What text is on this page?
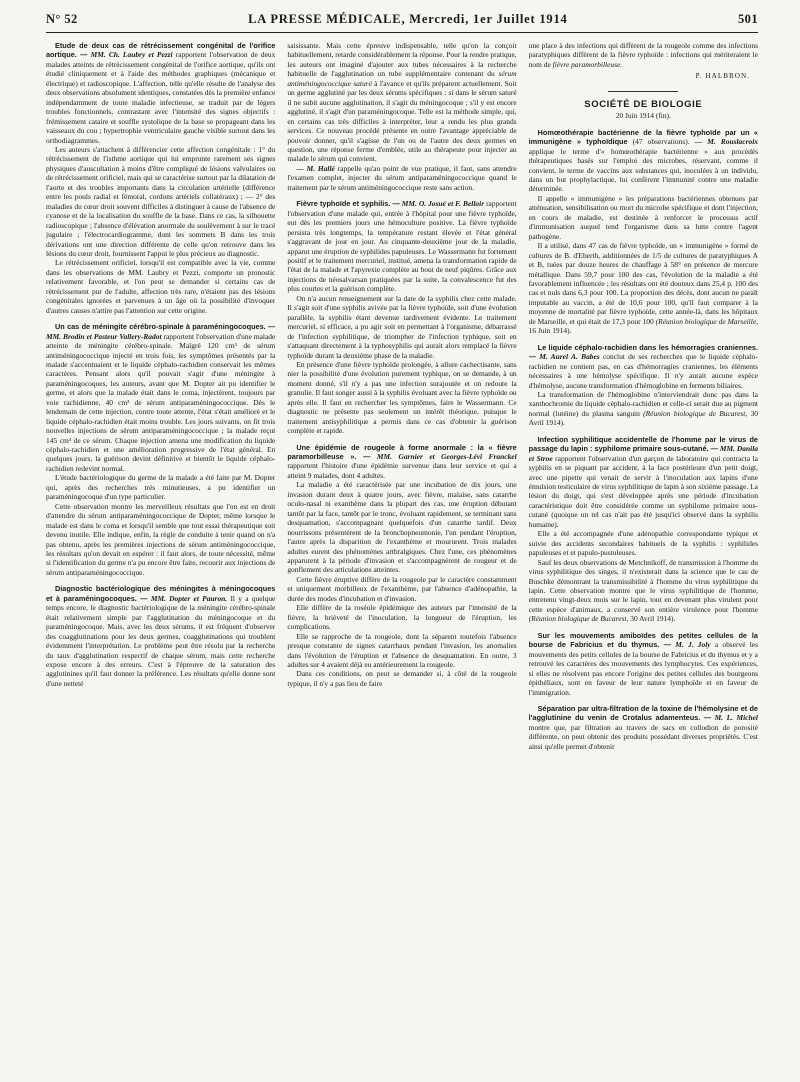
N° 52	LA PRESSE MÉDICALE, Mercredi, 1er Juillet 1914	501

Etude de deux cas de rétrécissement congénital de l'orifice aortique. — MM. Ch. Laubry et Pezzi rapportent l'observation de deux malades atteints de rétrécissement congénital de l'orifice aortique, qu'ils ont étudié cliniquement et à l'aide des méthodes graphiques (mécanique et électrique) et radioscopique. L'affection, telle qu'elle résulte de l'analyse des deux observations absolument identiques, constatées dès la première enfance indépendamment de toute maladie infectieuse, se traduit par de légers troubles fonctionnels, contrastant avec l'intensité des signes objectifs : frémissement cataire et souffle systolique de la base se propageant dans les vaisseaux du cou ; hypertrophie ventriculaire gauche visible surtout dans les orthodiagrammes.

Les auteurs s'attachent à différencier cette affection congénitale : 1° du rétrécissement de l'isthme aortique qui lui emprunte rarement ses signes physiques d'auscultation à moins d'être compliqué de lésions valvulaires ou de rétrécissement orificiel, mais qui se caractérise surtout par la dilatation de l'aorte et des troubles importants dans la circulation artérielle (différence entre les pouls radial et fémoral, cordons artériels collatéraux) ; — 2° des maladies du cœur droit souvent difficiles à distinguer à cause de l'absence de cyanose et de la localisation du souffle de la base. Dans ce cas, la silhouette radioscopique ; l'absence d'élévation anormale du soulèvement à sur le tracé jugulaire ; l'électrocardiogramme, dont les sommets B dans les trois dérivations ont une direction différente de celle qu'on retrouve dans les lésions du cœur droit, fournissent l'appui le plus précieux au diagnostic.

Le rétrécissement orificiel, lorsqu'il est compatible avec la vie, comme dans les observations de MM. Laubry et Pezzi, comporte un pronostic relativement favorable, et l'on peut se demander si certains cas de rétrécissement pur de l'adulte, affection très rare, n'étaient pas des lésions congénitales ignorées et parvenues à un âge où la possibilité d'invoquer d'autres causes n'attire pas l'attention sur cette origine.

Un cas de méningite cérébro-spinale à paraméningocoques. — MM. Brodin et Pasteur Vallery-Radot rapportent l'observation d'une malade atteinte de méningite cérébro-spinale. Malgré 120 cm³ de sérum antiméningococcique injecté en trois fois, les symptômes présentés par la malade s'accentuaient et le liquide céphalo-rachidien conservait les mêmes caractères. Pensant alors qu'il pouvait s'agir d'une méningite à paraméningocoques, les auteurs, avant que M. Dopter ait pu identifier le germe, et alors que la malade était dans le coma, injectèrent, toujours par voie rachidienne, 40 cm³ de sérum antiparaméningococcique. Dès le lendemain de cette injection, contre toute attente, l'état s'était amélioré et le liquide céphalo-rachidien était moins trouble. Les jours suivants, on fit trois nouvelles injections de sérum antiparaméningococcique ; la malade reçut 145 cm³ de ce sérum. Chaque injection amena une modification du liquide céphalo-rachidien et une amélioration progressive de l'état général. En quelques jours, la guérison devint définitive et bientôt le liquide céphalo-rachidien redevint normal.

L'étude bactériologique du germe de la malade a été faite par M. Dopter qui, après des recherches très minutieuses, a pu identifier un paraméningocoque d'un type particulier.

Cette observation montre les merveilleux résultats que l'on est en droit d'attendre du sérum antiparaméningococcique de Dopter, même lorsque le malade est dans le coma et lorsqu'il semble que tout essai thérapeutique soit devenu inutile. Elle indique, enfin, la règle de conduite à tenir quand on n'a pas obtenu, après les premières injections de sérum antiméningococcique, les résultats qu'on devait en espérer : il faut alors, de toute nécessité, même si l'identification du germe n'a pu encore être faite, recourir aux injections de sérum antiparaméningococcique.

Diagnostic bactériologique des méningites à méningocoques et à paraméningocoques. — MM. Dopter et Pauron. Il y a quelque temps encore, le diagnostic bactériologique de la méningite cérébro-spinale était relativement simple par l'agglutination du méningocoque et du paraméningocoque. Mais, avec les deux sérums, il est fréquent d'observer des coagglutinations pour les deux germes, coagglutinations qui troublent évidemment l'interprétation. Le problème peut être résolu par la recherche du taux d'agglutination respectif de chaque sérum, mais cette recherche expose encore à des erreurs. C'est à l'épreuve de la saturation des agglutinines qu'il faut donner la préférence. Les résultats qu'elle donne sont d'une netteté

saisissante. Mais cette épreuve indispensable, telle qu'on la conçoit habituellement, retarde considérablement la réponse. Pour la rendre pratique, les auteurs ont imaginé d'ajouter aux tubes nécessaires à la recherche habituelle de l'agglutination un tube supplémentaire contenant du sérum antiméningococcique saturé à l'avance et qu'ils préparent actuellement. Soit un germe agglutiné par les deux sérums spécifiques : si dans le sérum saturé il ne subit aucune agglutination, il s'agit du méningocoque ; s'il y est encore agglutiné, il s'agit d'un paraméningocoque. Telle est la méthode simple, qui, en certains cas très difficiles à interpréter, leur a rendu les plus grands services. Ce nouveau procédé présente en outre l'avantage appréciable de pouvoir donner, qu'il s'agisse de l'un ou de l'autre des deux germes en question, une réponse ferme d'emblée, utile au thérapeute pour injecter au malade le sérum qui convient.

— M. Hallé rappelle qu'au point de vue pratique, il faut, sans attendre l'examen complet, injecter du sérum antiparaméningococcique quand le traitement par le sérum antiméningococcique reste sans action.

Fièvre typhoïde et syphilis. — MM. O. Josué et F. Belloir rapportent l'observation d'une malade qui, entrée à l'hôpital pour une fièvre typhoïde, eut dès les premiers jours une hémoculture positive. La fièvre typhoïde persista très longtemps, la température restant élevée et l'état général s'aggravant de jour en jour. Au cinquante-deuxième jour de la maladie, apparut une éruption de syphilides papuleuses. Le Wassermann fut fortement positif et le traitement mercuriel, institué, amena la transformation rapide de l'état de la malade et l'apyrexie complète au bout de neuf piqûres. Grâce aux injections de néosalvarsan pratiquées par la suite, la convalescence fut des plus courtes et la guérison complète.

On n'a aucun renseignement sur la date de la syphilis chez cette malade. Il s'agit soit d'une syphilis avivée par la fièvre typhoïde, soit d'une évolution parallèle, la syphilis étant devenue tardivement évidente. Le traitement mercuriel, si efficace, a pu agir soit en permettant à l'organisme, débarrassé de l'infection syphilitique, de triompher de l'infection typhique, soit en s'attaquant directement à la typhosyphilis qui aurait alors remplacé la fièvre typhoïde durant la deuxième phase de la maladie.

En présence d'une fièvre typhoïde prolongée, à allure cachectisante, sans nier la possibilité d'une évolution purement typhique, on se demande, à un moment donné, s'il n'y a pas une infection surajoutée et on redoute la granulie. Il faut songer aussi à la syphilis évoluant avec la fièvre typhoïde ou après elle. Il faut en rechercher les symptômes, faire le Wassermann. Ce diagnostic ne présente pas seulement un intérêt théorique, puisque le traitement antisyphilitique a permis dans ce cas d'obtenir la guérison complète et rapide.

Une épidémie de rougeole à forme anormale : la « fièvre paramorbilleuse ». — MM. Garnier et Georges-Lévi Franckel rapportent l'histoire d'une épidémie survenue dans leur service et qui a atteint 9 malades, dont 4 adultes.

La maladie a été caractérisée par une incubation de dix jours, une invasion durant deux à quatre jours, avec fièvre, malaise, sans catarrhe oculo-nasal ni exanthème dans la plupart des cas, une éruption débutant tantôt par la face, tantôt par le tronc, évoluant rapidement, se terminant sans desquamation, s'accompagnant quelquefois d'un catarrhe tardif. Deux nourrissons présentèrent de la bronchopneumonie, l'un pendant l'éruption, l'autre après la disparition de l'exanthème et moururent. Trois malades adultes eurent des phénomènes arthralgiques. Chez l'une, ces phénomènes apparurent à la période d'invasion et s'accompagnèrent de rougeur et de gonflement des articulations atteintes.

Cette fièvre éruptive diffère de la rougeole par le caractère constamment et uniquement morbilleux de l'exanthème, par l'absence d'adénopathie, la durée des modes d'incubation et d'invasion.

Elle diffère de la roséole épidémique des auteurs par l'intensité de la fièvre, la brièveté de l'inoculation, la longueur de l'éruption, les complications.

Elle se rapproche de la rougeole, dont la séparent toutefois l'absence presque constante de signes catarrhaux pendant l'invasion, les anomalies dans l'évolution de l'éruption et l'absence de desquamation. En outre, 3 adultes sur 4 avaient déjà eu antérieurement la rougeole.

Dans ces conditions, on peut se demander si, à côté de la rougeole typique, il n'y a pas lieu de faire

une place à des infections qui diffèrent de la rougeole comme des infections paratyphiques diffèrent de la fièvre typhoïde : infections qui mériteraient le nom de fièvre paramorbilleuse.

P. HALBRON.
SOCIÉTÉ DE BIOLOGIE
20 Juin 1914 (fin).

Homœothérapie bactérienne de la fièvre typhoïde par un « immunigène » typhoïdique (47 observations). — M. Rouslacroix applique le terme d'« homœothérapie bactérienne » aux procédés thérapeutiques basés sur l'emploi des microbes, réservant, comme il convient, le terme de vaccins aux substances qui, inoculées à un individu, dans un but prophylactique, lui confèrent l'immunité contre une maladie déterminée.

Il appelle « immunigène » les préparations bactériennes obtenues par atténuation, sensibilisation ou mort du microbe spécifique et dont l'injection, en cours de maladie, est destinée à renforcer le processus actif d'immunisation auquel tend l'organisme dans sa lutte contre l'agent pathogène.

Il a utilisé, dans 47 cas de fièvre typhoïde, un « immunigène » formé de cultures de B. d'Eberth, additionnées de 1/5 de cultures de paratyphiques A et B, tuées par douze heures de chauffage à 58° en présence de mercure métallique. Dans 59,7 pour 100 des cas, l'évolution de la maladie a été favorablement influencée ; les résultats ont été douteux dans 25,4 p. 100 des cas et nuls dans 6,3 pour 100. La proportion des décès, dont aucun ne paraît imputable au vaccin, a été de 10,6 pour 100, qu'il faut comparer à la moyenne de mortalité par fièvre typhoïde, cette année-là, dans les hôpitaux de Marseille, et qui était de 17,3 pour 100 (Réunion biologique de Marseille, 16 Juin 1914).

Le liquide céphalo-rachidien dans les hémorragies craniennes. — M. Aurel A. Babes conclut de ses recherches que le liquide céphalo-rachidien ne contient pas, en cas d'hémorragies craniennes, les éléments nécessaires à une hémolyse spécifique. Il n'y aurait aucune espèce d'hémolyse, aucune transformation d'hémoglobine en ferments biliaires.

La transformation de l'hémoglobine n'interviendrait donc pas dans la xanthochromie du liquide céphalo-rachidien et celle-ci serait due au pigment normal (lutéine) du plasma sanguin (Réunion biologique de Bucarest, 30 Avril 1914).

Infection syphilitique accidentelle de l'homme par le virus de passage du lapin : syphilome primaire sous-cutané. — MM. Danila et Stroe rapportent l'observation d'un garçon de laboratoire qui contracta la syphilis en se piquant par accident, à la face postérieure d'un petit doigt, avec une pipette qui venait de servir à l'inoculation aux lapins d'une émulsion testiculaire de virus syphilitique de lapin à son sixième passage. La lésion du doigt, qui s'est développée après une période d'incubation caractéristique doit être considérée comme un syphilome primaire sous-cutané (quoique un tel cas n'ait pas été jusqu'ici observé dans la syphilis humaine).

Elle a été accompagnée d'une adénopathie correspondante typique et suivie des accidents secondaires habituels de la syphilis : syphilides papuleuses et et papulo-pustuleuses.

Sauf les deux observations de Metchnikoff, de transmission à l'homme du virus syphilitique des singes, il n'existerait dans la science que le cas de Buschke démontrant la transmissibilité à l'homme du virus syphilitique du lapin. Cette observation montre que le virus syphilitique de l'homme, entretenu vingt-deux mois sur le lapin, tout en devenant plus virulent pour cette espèce d'animaux, a conservé son entière virulence pour l'homme (Réunion biologique de Bucarest, 30 Avril 1914).

Sur les mouvements amiboïdes des petites cellules de la bourse de Fabricius et du thymus. — M. J. Joly a observé les mouvements des petits cellules de la bourse de Fabricius et du thymus et y a retrouvé les caractères des mouvements des lymphocytes. Ces expériences, si elles ne résolvent pas encore l'origine des petites cellules des bourgeons épithéliaux, sont en faveur de leur nature lymphoïde et en faveur de l'immigration.

Séparation par ultra-filtration de la toxine de l'hémolysine et de l'agglutinine du venin de Crotalus adamenteus. — M. L. Michel montre que, par filtration au travers de sacs en collodion de porosité différente, on peut obtenir des produits possédant diverses propriétés. C'est ainsi qu'elle permet d'obtenir
